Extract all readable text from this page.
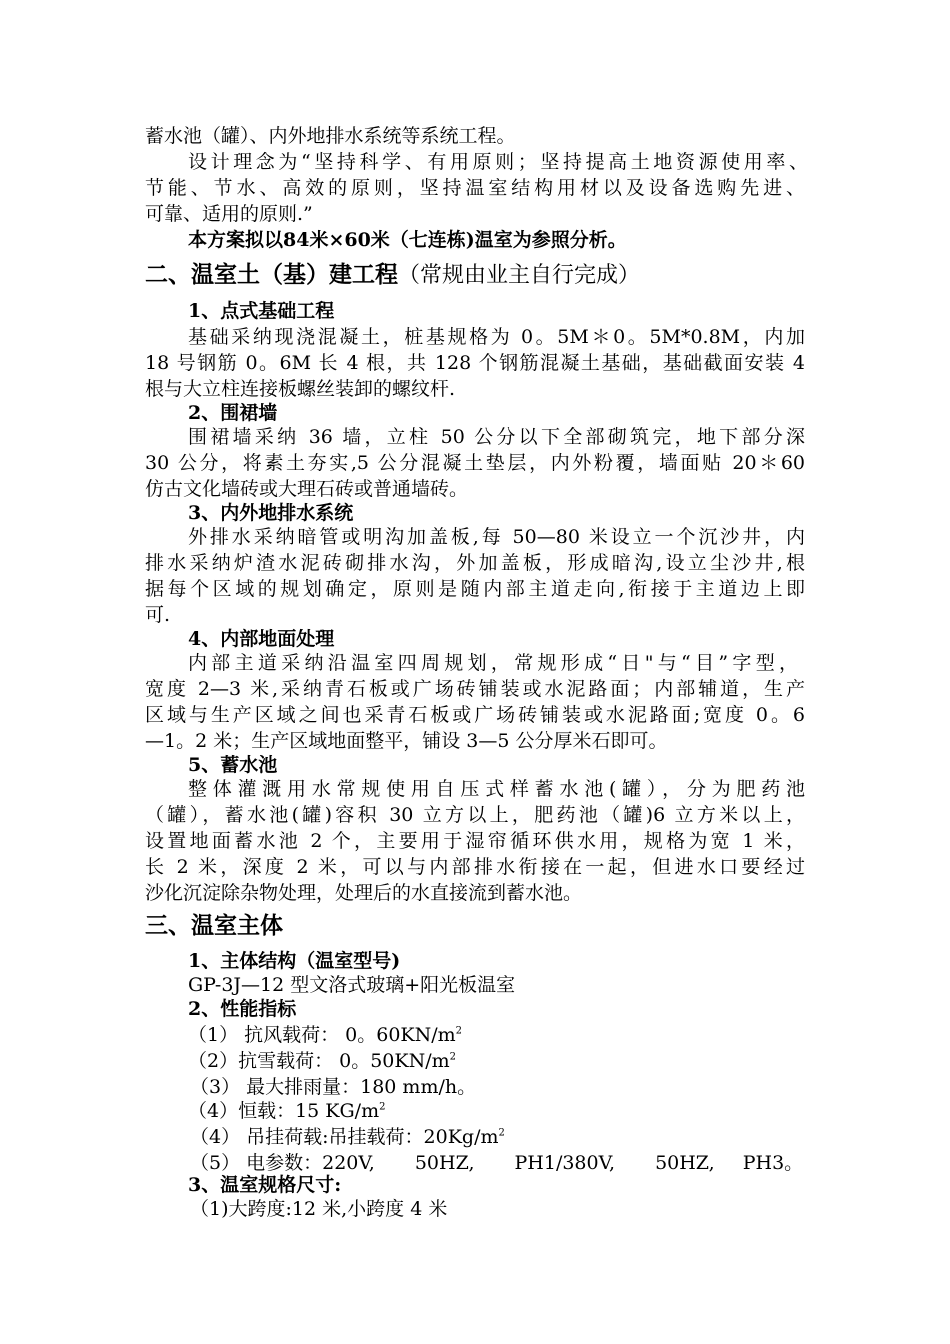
蓄水池（罐）、内外地排水系统等系统工程。
设计理念为“坚持科学、有用原则；坚持提高土地资源使用率、
节能、节水、高效的原则，坚持温室结构用材以及设备选购先进、
可靠、适用的原则.”
本方案拟以84米×60米（七连栋)温室为参照分析。
二、温室土（基）建工程（常规由业主自行完成）
1、点式基础工程
基础采纳现浇混凝土，桩基规格为 0。5M＊0。5M*0.8M，内加
18 号钢筋 0。6M 长 4 根，共 128 个钢筋混凝土基础，基础截面安装 4
根与大立柱连接板螺丝装卸的螺纹杆.
2、围裙墙
围裙墙采纳 36 墙，立柱 50 公分以下全部砌筑完，地下部分深
30 公分，将素土夯实,5 公分混凝土垫层，内外粉覆，墙面贴 20＊60
仿古文化墙砖或大理石砖或普通墙砖。
3、内外地排水系统
外排水采纳暗管或明沟加盖板,每 50—80 米设立一个沉沙井，内
排水采纳炉渣水泥砖砌排水沟，外加盖板，形成暗沟,设立尘沙井,根
据每个区域的规划确定，原则是随内部主道走向,衔接于主道边上即
可.
4、内部地面处理
内部主道采纳沿温室四周规划，常规形成“日"与“目”字型，
宽度 2—3 米,采纳青石板或广场砖铺装或水泥路面；内部辅道，生产
区域与生产区域之间也采青石板或广场砖铺装或水泥路面;宽度 0。6
—1。2 米；生产区域地面整平，铺设 3—5 公分厚米石即可。
5、蓄水池
整体灌溉用水常规使用自压式样蓄水池(罐），分为肥药池
（罐），蓄水池(罐)容积 30 立方以上，肥药池（罐)6 立方米以上，
设置地面蓄水池 2 个，主要用于湿帘循环供水用，规格为宽 1 米，
长 2 米，深度 2 米，可以与内部排水衔接在一起，但进水口要经过
沙化沉淀除杂物处理，处理后的水直接流到蓄水池。
三、温室主体
1、主体结构（温室型号)
GP-3J—12 型文洛式玻璃+阳光板温室
2、性能指标
（1） 抗风载荷： 0。$60KN/m^2$
（2）抗雪载荷： 0。$50KN/m^2$
（3） 最大排雨量：180 mm/h。
（4）恒载：15 $KG/m^2$
（4） 吊挂荷载:吊挂载荷：$20Kg/m^2$
（5） 电参数：220V, 50HZ, PH1/380V, 50HZ, PH3。
3、温室规格尺寸:
（1)大跨度:12 米,小跨度 4 米
